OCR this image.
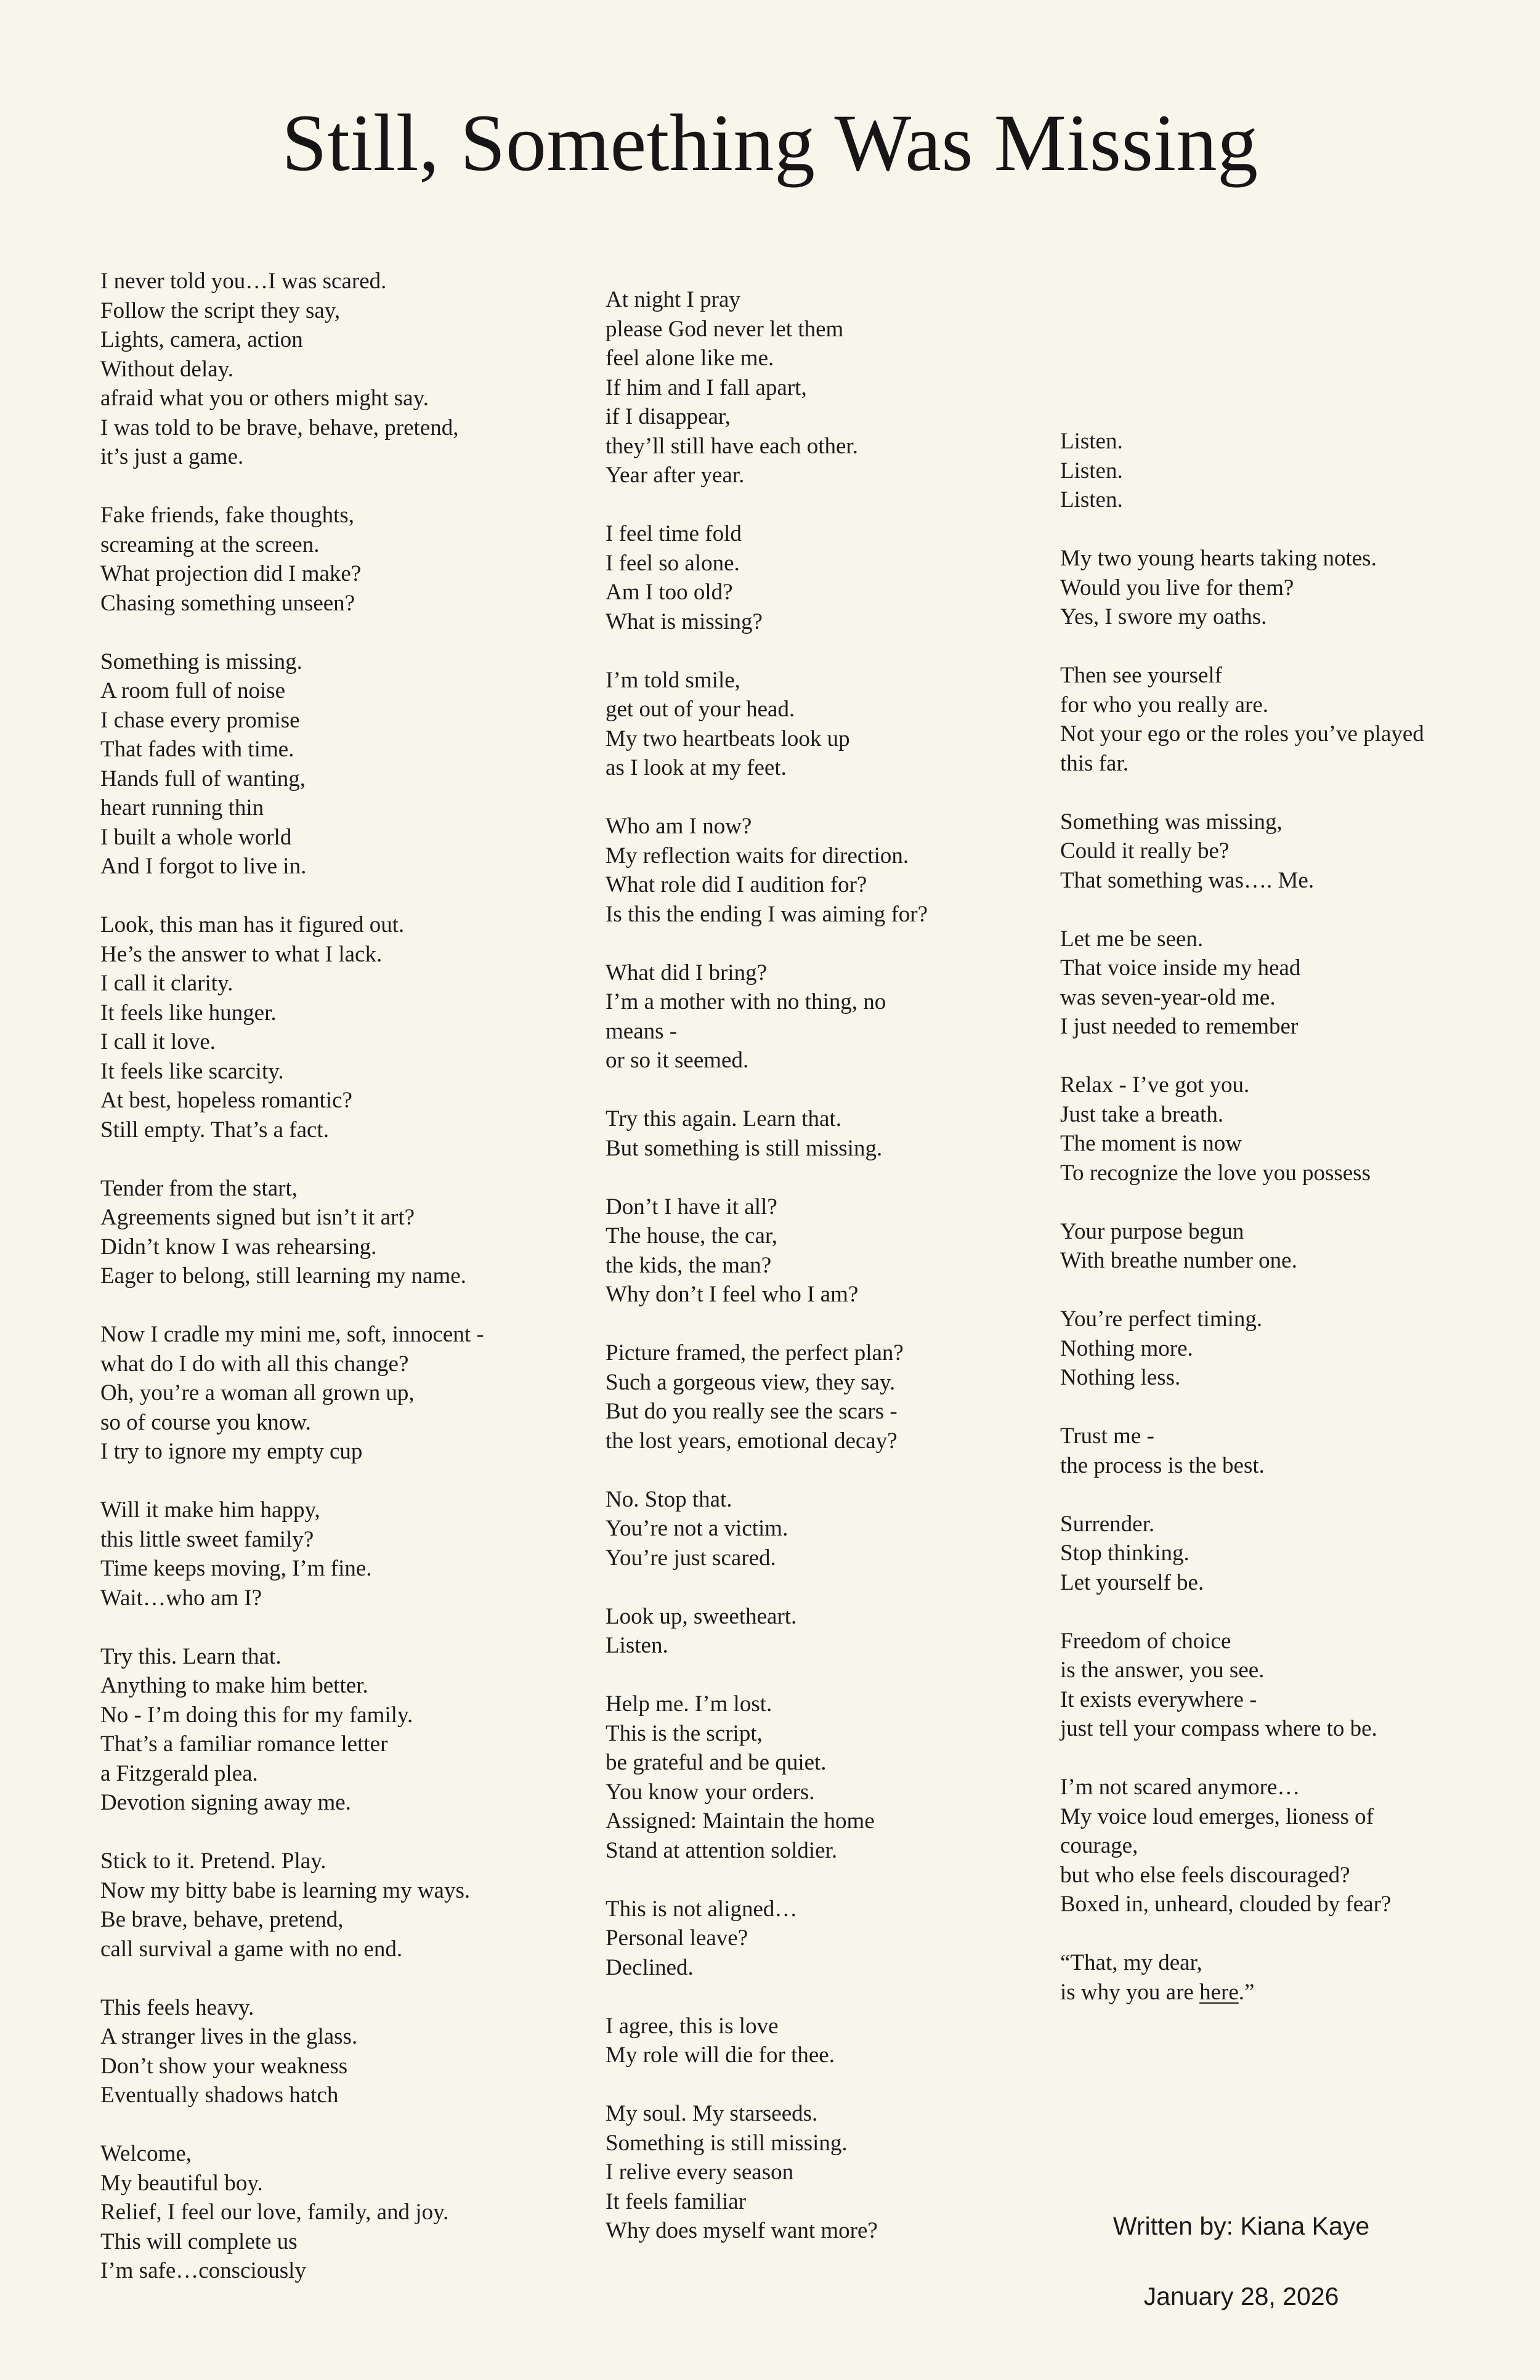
Still, Something Was Missing
I never told you…I was scared.
Follow the script they say,
Lights, camera, action
Without delay.
afraid what you or others might say.
I was told to be brave, behave, pretend,
it’s just a game.
Fake friends, fake thoughts,
screaming at the screen.
What projection did I make?
Chasing something unseen?
Something is missing.
A room full of noise
I chase every promise
That fades with time.
Hands full of wanting,
heart running thin
I built a whole world
And I forgot to live in.
Look, this man has it figured out.
He’s the answer to what I lack.
I call it clarity.
It feels like hunger.
I call it love.
It feels like scarcity.
At best, hopeless romantic?
Still empty. That’s a fact.
Tender from the start,
Agreements signed but isn’t it art?
Didn’t know I was rehearsing.
Eager to belong, still learning my name.
Now I cradle my mini me, soft, innocent -
what do I do with all this change?
Oh, you’re a woman all grown up,
so of course you know.
I try to ignore my empty cup
Will it make him happy,
this little sweet family?
Time keeps moving, I’m fine.
Wait…who am I?
Try this. Learn that.
Anything to make him better.
No - I’m doing this for my family.
That’s a familiar romance letter
a Fitzgerald plea.
Devotion signing away me.
Stick to it. Pretend. Play.
Now my bitty babe is learning my ways.
Be brave, behave, pretend,
call survival a game with no end.
This feels heavy.
A stranger lives in the glass.
Don’t show your weakness
Eventually shadows hatch
Welcome,
My beautiful boy.
Relief, I feel our love, family, and joy.
This will complete us
I’m safe…consciously
At night I pray
please God never let them
feel alone like me.
If him and I fall apart,
if I disappear,
they’ll still have each other.
Year after year.
I feel time fold
I feel so alone.
Am I too old?
What is missing?
I’m told smile,
get out of your head.
My two heartbeats look up
as I look at my feet.
Who am I now?
My reflection waits for direction.
What role did I audition for?
Is this the ending I was aiming for?
What did I bring?
I’m a mother with no thing, no
means -
or so it seemed.
Try this again. Learn that.
But something is still missing.
Don’t I have it all?
The house, the car,
the kids, the man?
Why don’t I feel who I am?
Picture framed, the perfect plan?
Such a gorgeous view, they say.
But do you really see the scars -
the lost years, emotional decay?
No. Stop that.
You’re not a victim.
You’re just scared.
Look up, sweetheart.
Listen.
Help me. I’m lost.
This is the script,
be grateful and be quiet.
You know your orders.
Assigned: Maintain the home
Stand at attention soldier.
This is not aligned…
Personal leave?
Declined.
I agree, this is love
My role will die for thee.
My soul. My starseeds.
Something is still missing.
I relive every season
It feels familiar
Why does myself want more?
Listen.
Listen.
Listen.
My two young hearts taking notes.
Would you live for them?
Yes, I swore my oaths.
Then see yourself
for who you really are.
Not your ego or the roles you’ve played
this far.
Something was missing,
Could it really be?
That something was…. Me.
Let me be seen.
That voice inside my head
was seven-year-old me.
I just needed to remember
Relax - I’ve got you.
Just take a breath.
The moment is now
To recognize the love you possess
Your purpose begun
With breathe number one.
You’re perfect timing.
Nothing more.
Nothing less.
Trust me -
the process is the best.
Surrender.
Stop thinking.
Let yourself be.
Freedom of choice
is the answer, you see.
It exists everywhere -
just tell your compass where to be.
I’m not scared anymore…
My voice loud emerges, lioness of
courage,
but who else feels discouraged?
Boxed in, unheard, clouded by fear?
“That, my dear,
is why you are here.”
Written by: Kiana Kaye
January 28, 2026
